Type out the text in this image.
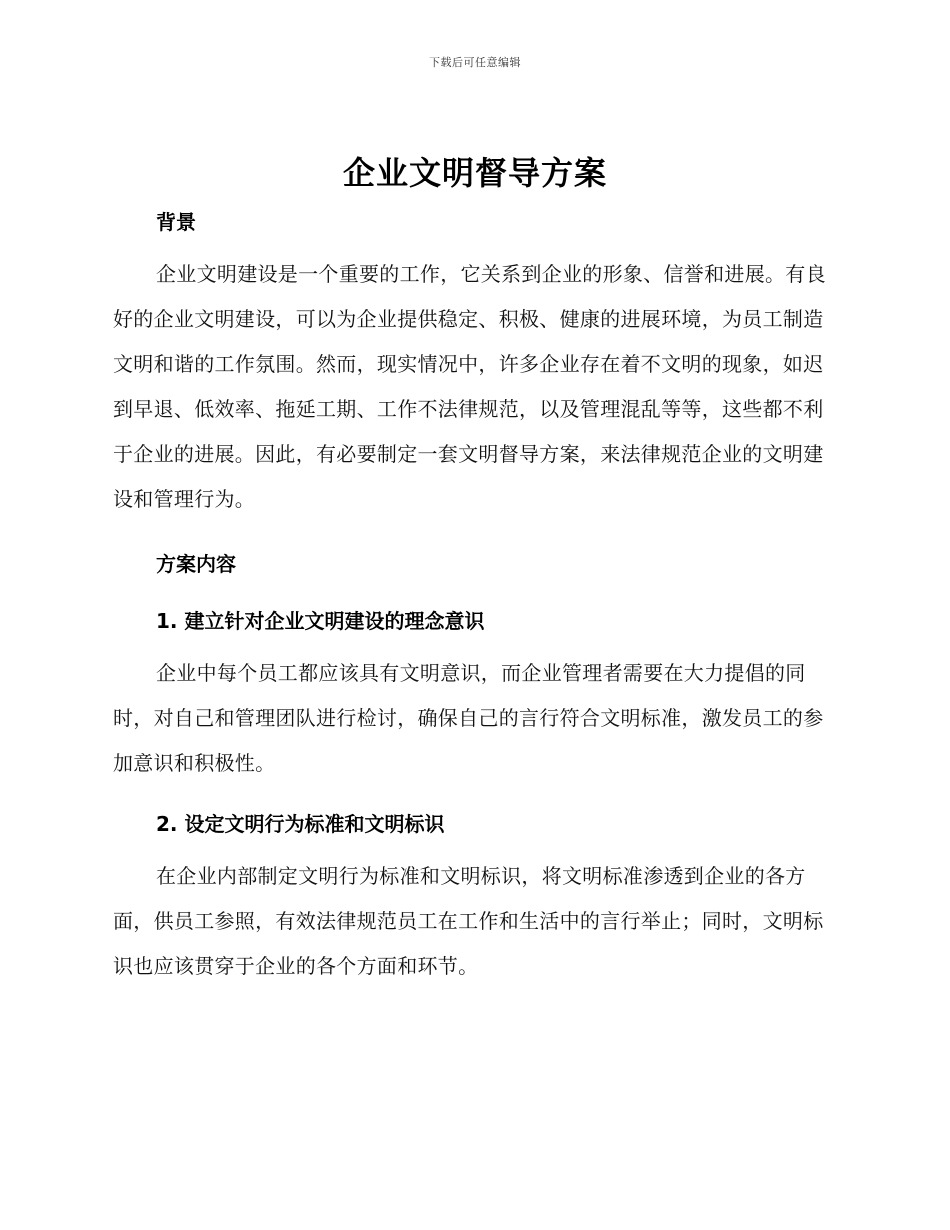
下载后可任意编辑
企业文明督导方案

背景

企业文明建设是一个重要的工作，它关系到企业的形象、信誉和进展。有良好的企业文明建设，可以为企业提供稳定、积极、健康的进展环境，为员工制造文明和谐的工作氛围。然而，现实情况中，许多企业存在着不文明的现象，如迟到早退、低效率、拖延工期、工作不法律规范，以及管理混乱等等，这些都不利于企业的进展。因此，有必要制定一套文明督导方案，来法律规范企业的文明建设和管理行为。

方案内容

1. 建立针对企业文明建设的理念意识

企业中每个员工都应该具有文明意识，而企业管理者需要在大力提倡的同时，对自己和管理团队进行检讨，确保自己的言行符合文明标准，激发员工的参加意识和积极性。

2. 设定文明行为标准和文明标识

在企业内部制定文明行为标准和文明标识，将文明标准渗透到企业的各方面，供员工参照，有效法律规范员工在工作和生活中的言行举止；同时，文明标识也应该贯穿于企业的各个方面和环节。
